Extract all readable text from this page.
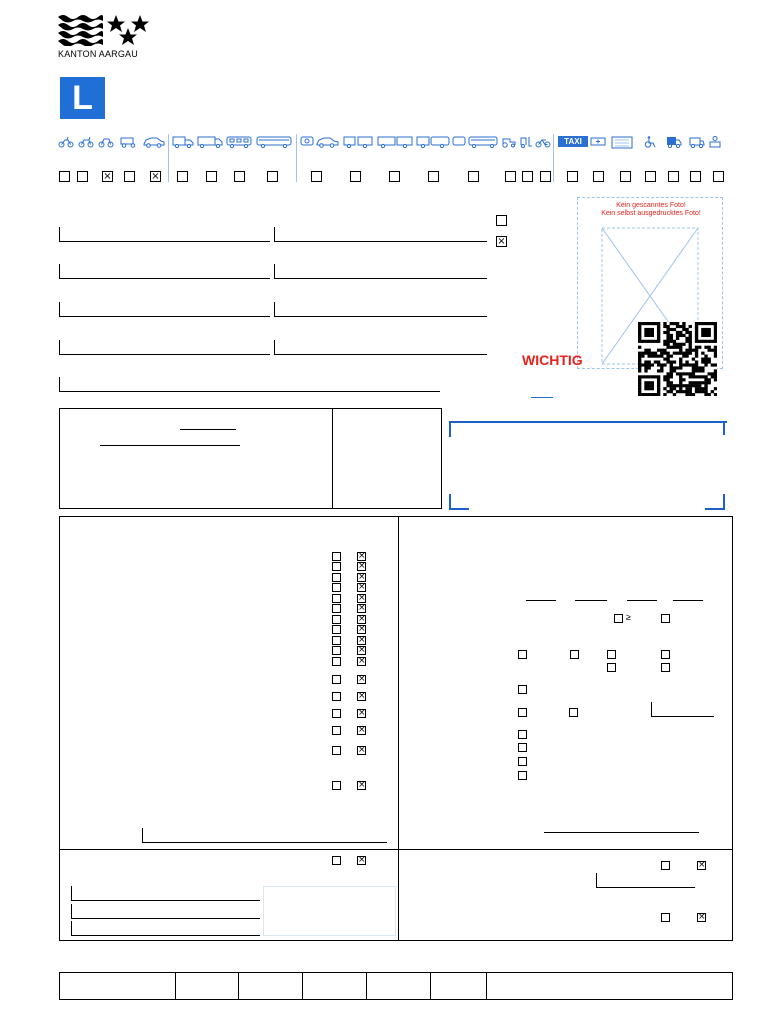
KANTON AARGAU
L
TAXI
×
×
×
Kein gescanntes Foto!
Kein selbst ausgedrucktes Foto!
WICHTIG
×
×
×
×
×
×
×
×
×
×
×
×
×
×
×
×
×
≥
×
×
×
